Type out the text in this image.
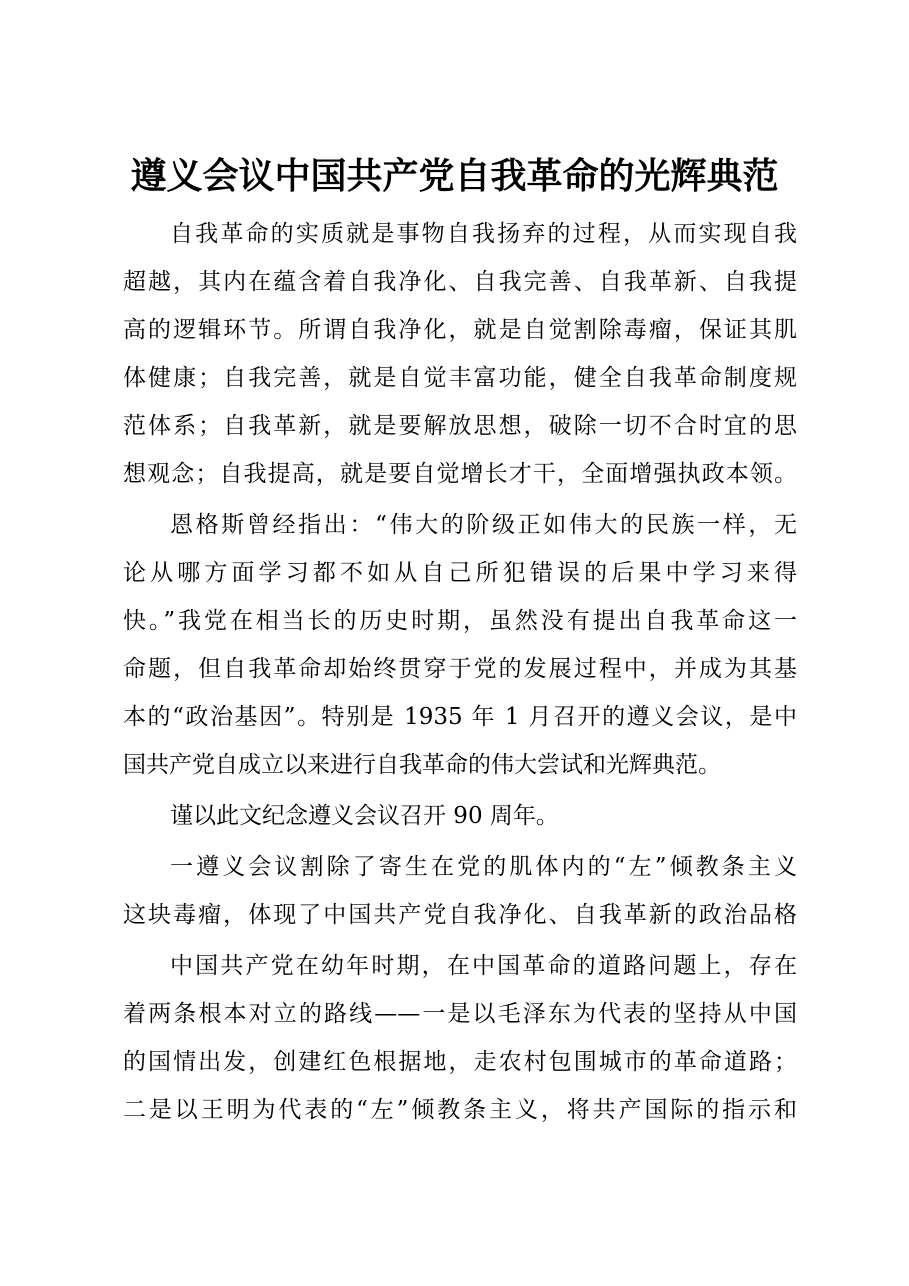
遵义会议中国共产党自我革命的光辉典范
自我革命的实质就是事物自我扬弃的过程，从而实现自我
超越，其内在蕴含着自我净化、自我完善、自我革新、自我提
高的逻辑环节。所谓自我净化，就是自觉割除毒瘤，保证其肌
体健康；自我完善，就是自觉丰富功能，健全自我革命制度规
范体系；自我革新，就是要解放思想，破除一切不合时宜的思
想观念；自我提高，就是要自觉增长才干，全面增强执政本领。
恩格斯曾经指出：“伟大的阶级正如伟大的民族一样，无
论从哪方面学习都不如从自己所犯错误的后果中学习来得
快。”我党在相当长的历史时期，虽然没有提出自我革命这一
命题，但自我革命却始终贯穿于党的发展过程中，并成为其基
本的“政治基因”。特别是 1935 年 1 月召开的遵义会议，是中
国共产党自成立以来进行自我革命的伟大尝试和光辉典范。
谨以此文纪念遵义会议召开 90 周年。
一遵义会议割除了寄生在党的肌体内的“左”倾教条主义
这块毒瘤，体现了中国共产党自我净化、自我革新的政治品格
中国共产党在幼年时期，在中国革命的道路问题上，存在
着两条根本对立的路线——一是以毛泽东为代表的坚持从中国
的国情出发，创建红色根据地，走农村包围城市的革命道路；
二是以王明为代表的“左”倾教条主义，将共产国际的指示和
